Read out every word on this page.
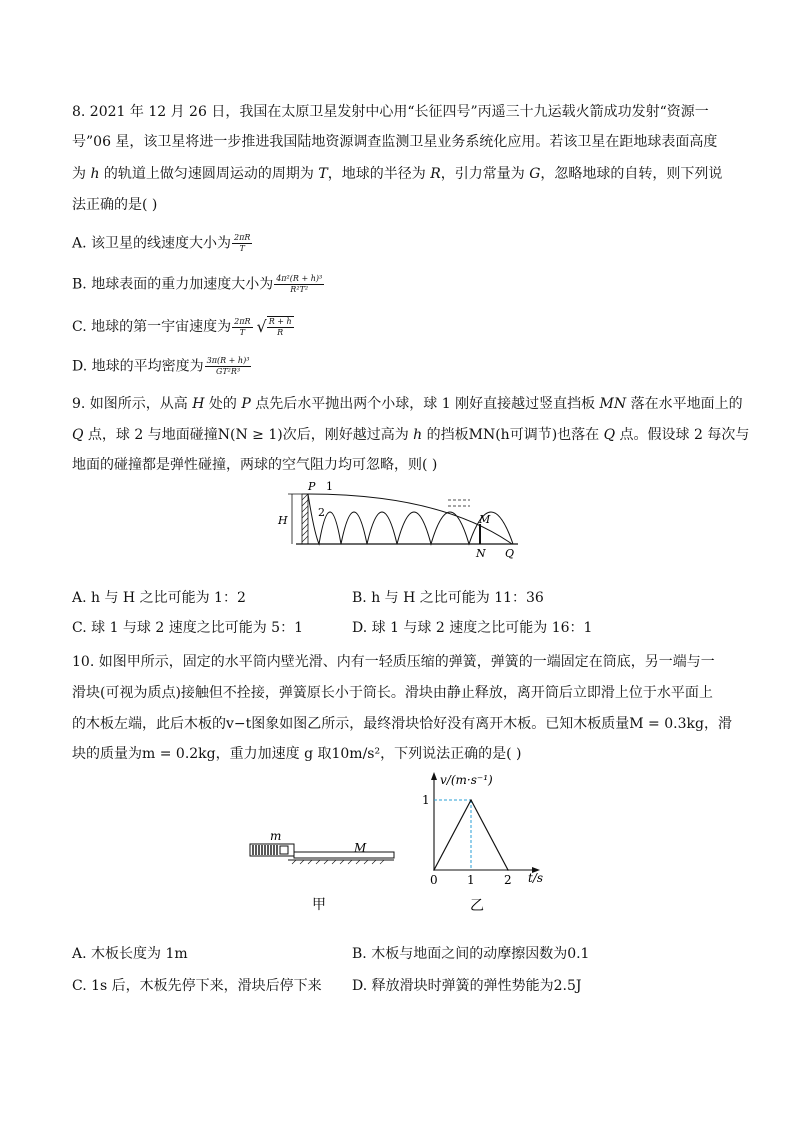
8. 2021 年 12 月 26 日，我国在太原卫星发射中心用“长征四号”丙遥三十九运载火箭成功发射“资源一
号”06 星，该卫星将进一步推进我国陆地资源调查监测卫星业务系统化应用。若该卫星在距地球表面高度
为 h 的轨道上做匀速圆周运动的周期为 T，地球的半径为 R，引力常量为 G，忽略地球的自转，则下列说
法正确的是( )
A. 该卫星的线速度大小为 $\frac{2\pi R}{T}$
B. 地球表面的重力加速度大小为 $\frac{\text{4π²(R + h)³}}{\text{R²T²}}$
C. 地球的第一宇宙速度为 $\frac{2\pi R}{T}$ √ $\frac{R + h}{R}$
D. 地球的平均密度为 $\frac{\text{3π(R + h)³}}{\text{GT²R³}}$
9. 如图所示，从高 H 处的 P 点先后水平抛出两个小球，球 1 刚好直接越过竖直挡板 MN 落在水平地面上的
Q 点，球 2 与地面碰撞N(N ≥ 1)次后，刚好越过高为 h 的挡板MN(h可调节)也落在 Q 点。假设球 2 每次与
地面的碰撞都是弹性碰撞，两球的空气阻力均可忽略，则( )
H
P 1
2
M
N Q
A. h 与 H 之比可能为 1：2	B. h 与 H 之比可能为 11：36
C. 球 1 与球 2 速度之比可能为 5：1	D. 球 1 与球 2 速度之比可能为 16：1
10. 如图甲所示，固定的水平筒内壁光滑、内有一轻质压缩的弹簧，弹簧的一端固定在筒底，另一端与一
滑块(可视为质点)接触但不拴接，弹簧原长小于筒长。滑块由静止释放，离开筒后立即滑上位于水平面上
的木板左端，此后木板的v−t图象如图乙所示，最终滑块恰好没有离开木板。已知木板质量M = 0.3kg，滑
块的质量为m = 0.2kg，重力加速度 g 取10m/s²，下列说法正确的是( )
m
M
甲
v/(m·s⁻¹)
t/s
乙
0 1 2
1
A. 木板长度为 1m	B. 木板与地面之间的动摩擦因数为0.1
C. 1s 后，木板先停下来，滑块后停下来 D. 释放滑块时弹簧的弹性势能为2.5J
